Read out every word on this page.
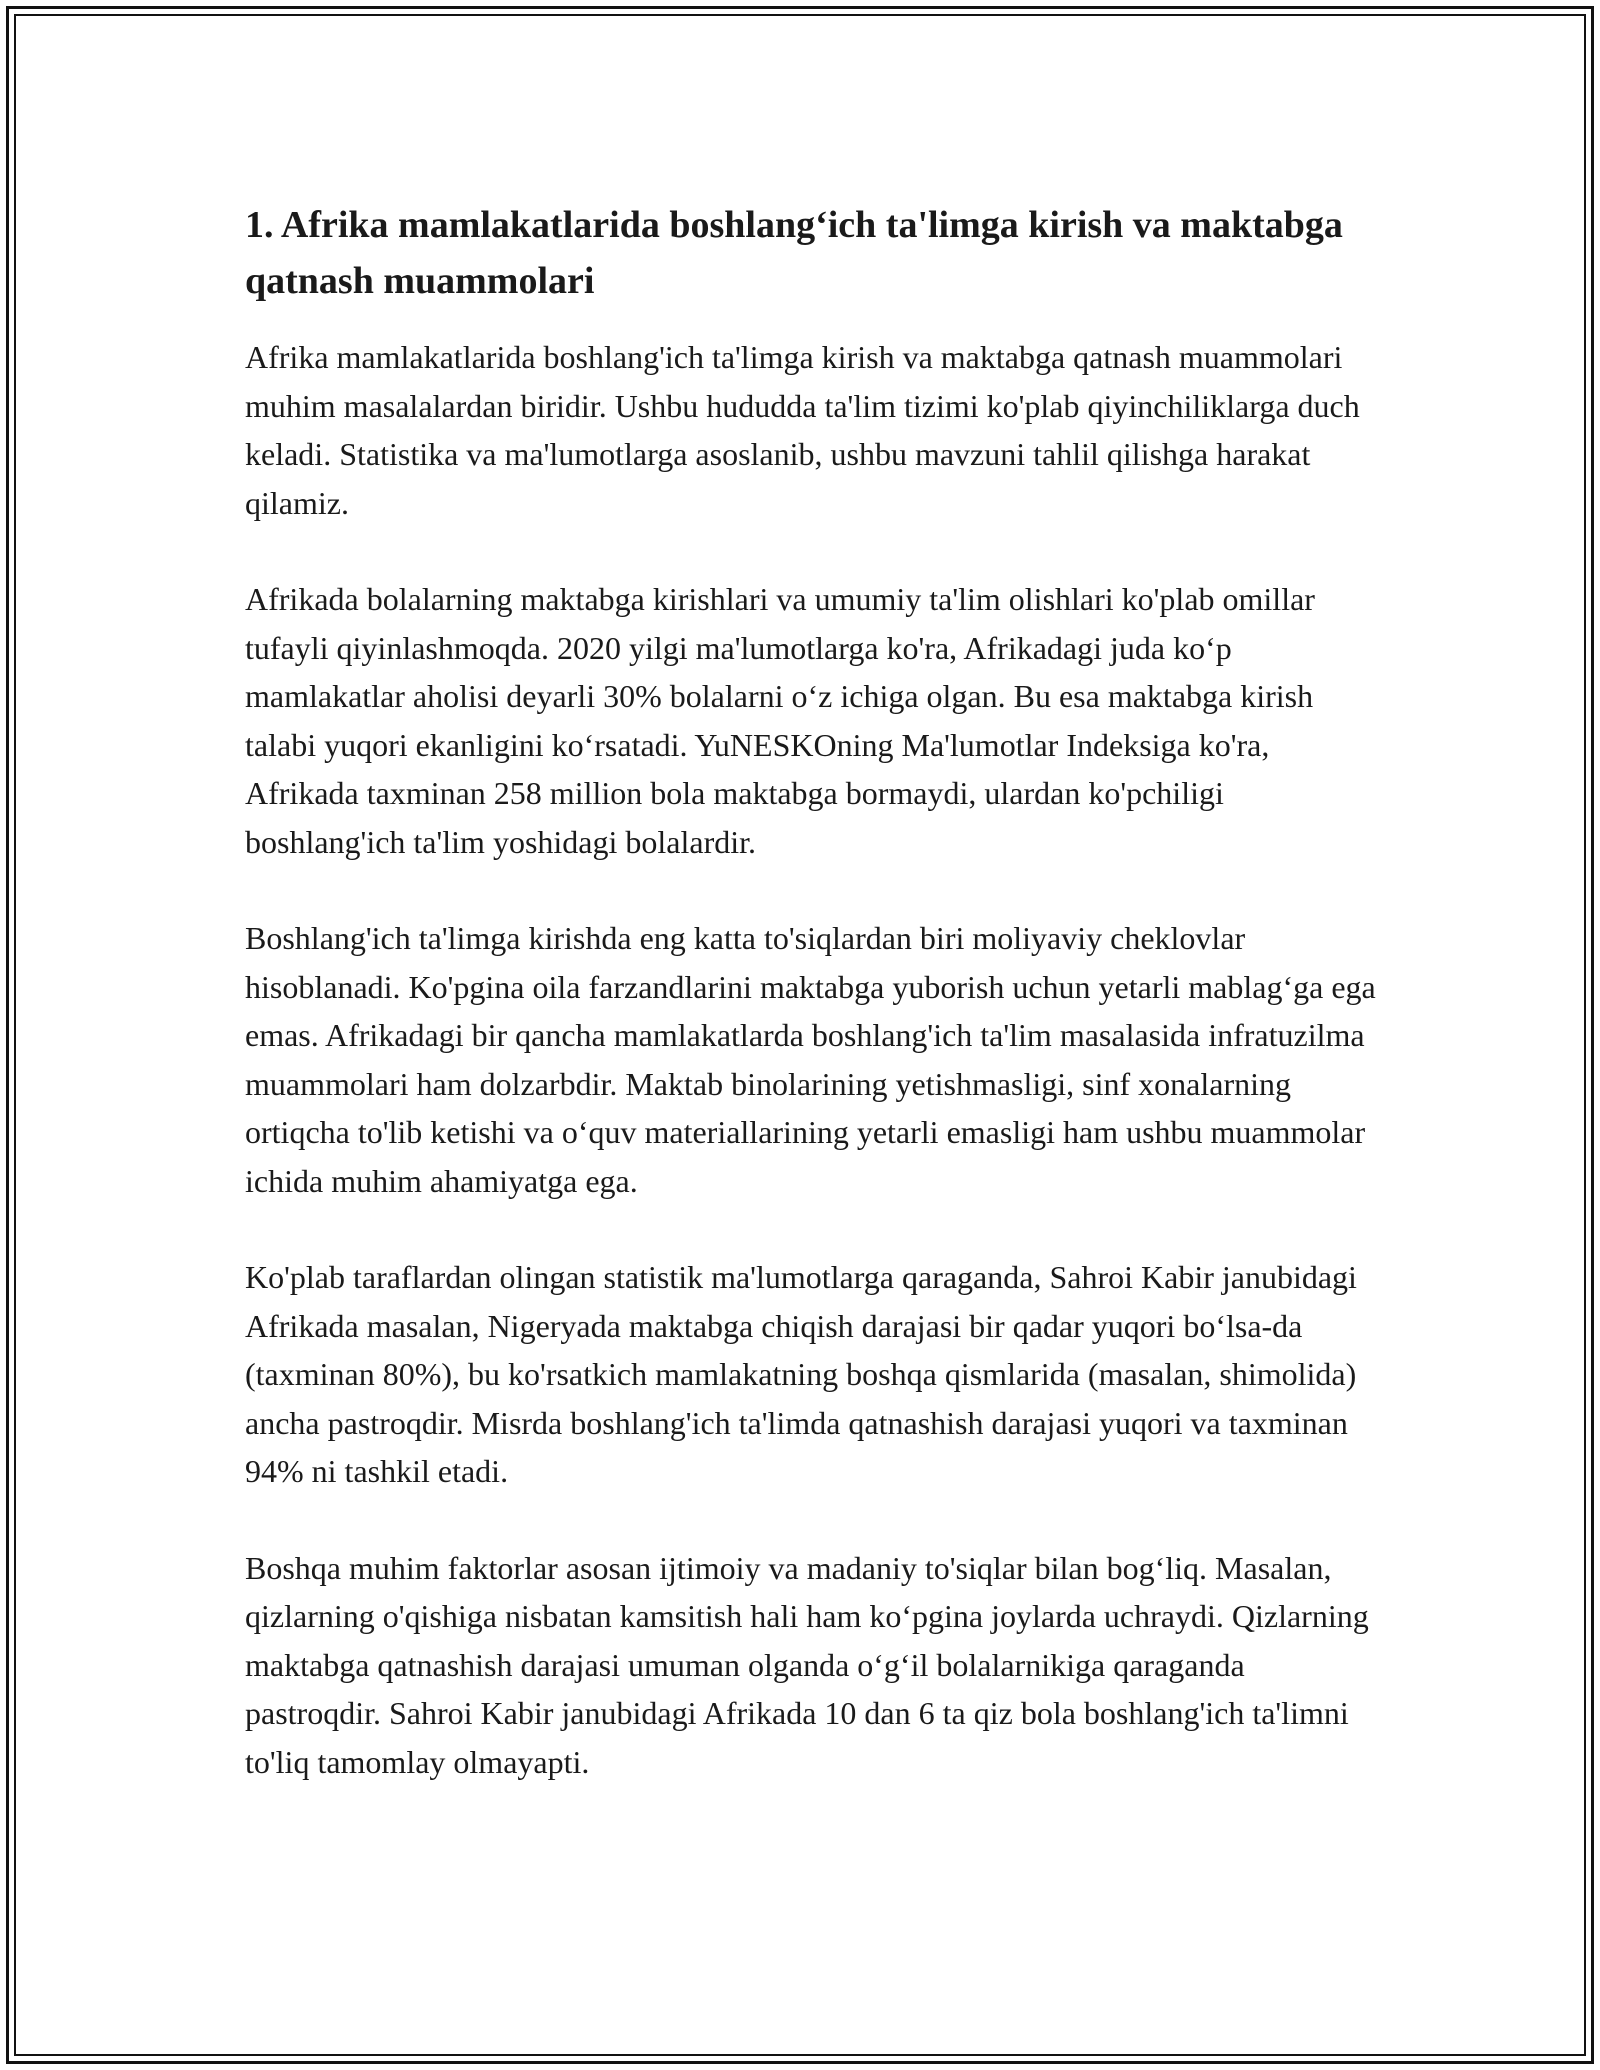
1. Afrika mamlakatlarida boshlang‘ich ta'limga kirish va maktabga qatnash muammolari

Afrika mamlakatlarida boshlang'ich ta'limga kirish va maktabga qatnash muammolari muhim masalalardan biridir. Ushbu hududda ta'lim tizimi ko'plab qiyinchiliklarga duch keladi. Statistika va ma'lumotlarga asoslanib, ushbu mavzuni tahlil qilishga harakat qilamiz.

Afrikada bolalarning maktabga kirishlari va umumiy ta'lim olishlari ko'plab omillar tufayli qiyinlashmoqda. 2020 yilgi ma'lumotlarga ko'ra, Afrikadagi juda ko‘p mamlakatlar aholisi deyarli 30% bolalarni o‘z ichiga olgan. Bu esa maktabga kirish talabi yuqori ekanligini ko‘rsatadi. YuNESKOning Ma'lumotlar Indeksiga ko'ra, Afrikada taxminan 258 million bola maktabga bormaydi, ulardan ko'pchiligi boshlang'ich ta'lim yoshidagi bolalardir.

Boshlang'ich ta'limga kirishda eng katta to'siqlardan biri moliyaviy cheklovlar hisoblanadi. Ko'pgina oila farzandlarini maktabga yuborish uchun yetarli mablag‘ga ega emas. Afrikadagi bir qancha mamlakatlarda boshlang'ich ta'lim masalasida infratuzilma muammolari ham dolzarbdir. Maktab binolarining yetishmasligi, sinf xonalarning ortiqcha to'lib ketishi va o‘quv materiallarining yetarli emasligi ham ushbu muammolar ichida muhim ahamiyatga ega.

Ko'plab taraflardan olingan statistik ma'lumotlarga qaraganda, Sahroi Kabir janubidagi Afrikada masalan, Nigeryada maktabga chiqish darajasi bir qadar yuqori bo‘lsa-da (taxminan 80%), bu ko'rsatkich mamlakatning boshqa qismlarida (masalan, shimolida) ancha pastroqdir. Misrda boshlang'ich ta'limda qatnashish darajasi yuqori va taxminan 94% ni tashkil etadi.

Boshqa muhim faktorlar asosan ijtimoiy va madaniy to'siqlar bilan bog‘liq. Masalan, qizlarning o'qishiga nisbatan kamsitish hali ham ko‘pgina joylarda uchraydi. Qizlarning maktabga qatnashish darajasi umuman olganda o‘g‘il bolalarnikiga qaraganda pastroqdir. Sahroi Kabir janubidagi Afrikada 10 dan 6 ta qiz bola boshlang'ich ta'limni to'liq tamomlay olmayapti.
